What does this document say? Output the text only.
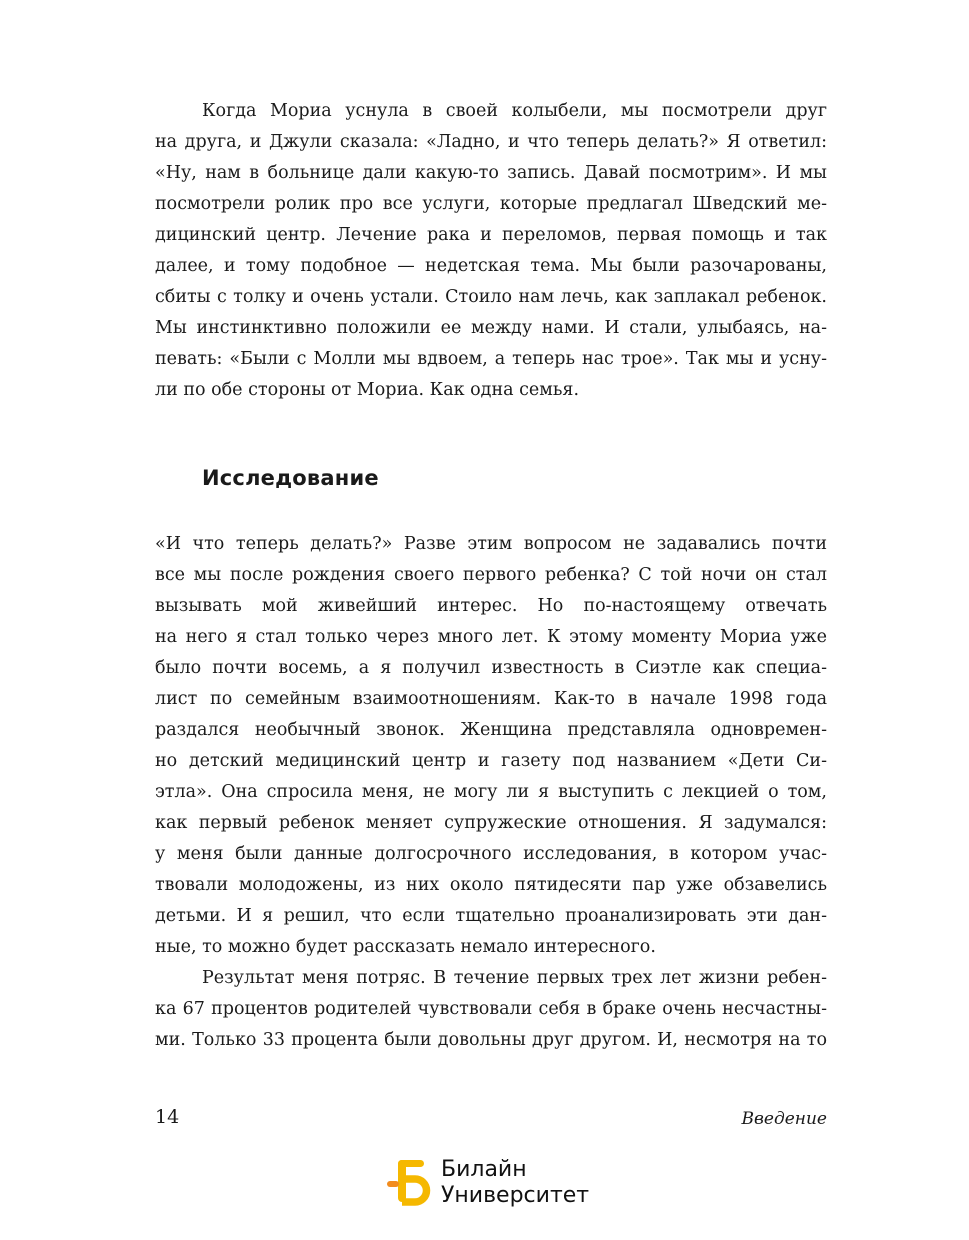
Когда Мориа уснула в своей колыбели, мы посмотрели друг
на друга, и Джули сказала: «Ладно, и что теперь делать?» Я ответил:
«Ну, нам в больнице дали какую-то запись. Давай посмотрим». И мы
посмотрели ролик про все услуги, которые предлагал Шведский ме-
дицинский центр. Лечение рака и переломов, первая помощь и так
далее, и тому подобное — недетская тема. Мы были разочарованы,
сбиты с толку и очень устали. Стоило нам лечь, как заплакал ребенок.
Мы инстинктивно положили ее между нами. И стали, улыбаясь, на-
певать: «Были с Молли мы вдвоем, а теперь нас трое». Так мы и усну-
ли по обе стороны от Мориа. Как одна семья.
Исследование
«И что теперь делать?» Разве этим вопросом не задавались почти
все мы после рождения своего первого ребенка? С той ночи он стал
вызывать мой живейший интерес. Но по-настоящему отвечать
на него я стал только через много лет. К этому моменту Мориа уже
было почти восемь, а я получил известность в Сиэтле как специа-
лист по семейным взаимоотношениям. Как-то в начале 1998 года
раздался необычный звонок. Женщина представляла одновремен-
но детский медицинский центр и газету под названием «Дети Си-
этла». Она спросила меня, не могу ли я выступить с лекцией о том,
как первый ребенок меняет супружеские отношения. Я задумался:
у меня были данные долгосрочного исследования, в котором учас-
твовали молодожены, из них около пятидесяти пар уже обзавелись
детьми. И я решил, что если тщательно проанализировать эти дан-
ные, то можно будет рассказать немало интересного.
Результат меня потряс. В течение первых трех лет жизни ребен-
ка 67 процентов родителей чувствовали себя в браке очень несчастны-
ми. Только 33 процента были довольны друг другом. И, несмотря на то
14	Введение
Билайн
Университет
